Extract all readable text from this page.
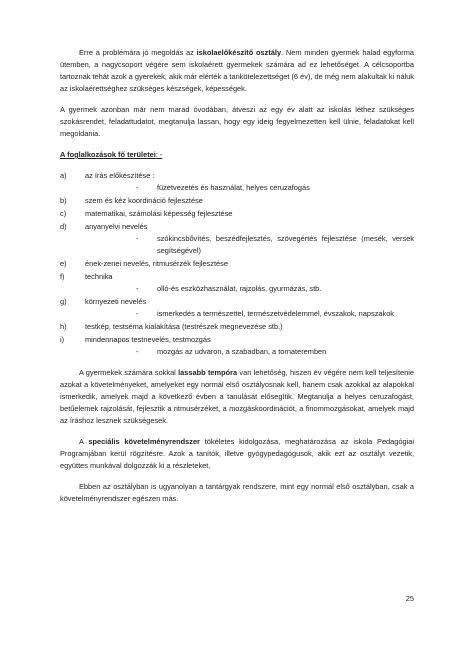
Erre a problémára jó megoldás az iskolaelőkészítő osztály. Nem minden gyermek halad egyforma ütemben, a nagycsoport végére sem iskolaérett gyermekek számára ad ez lehetőséget. A célcsoportba tartoznak tehát azok a gyerekek, akik már elérték a tankötelezettséget (6 év), de még nem alakultak ki náluk az iskolaérettséghez szükséges készségek, képességek.

A gyermek azonban már nem marad óvodában, átveszi az egy év alatt az iskolás léthez szükséges szokásrendet, feladattudatot, megtanulja lassan, hogy egy ideig fegyelmezetten kell ülnie, feladatokat kell megoldania.

A foglalkozások fő területei: -

a) az írás előkészítése :
-	füzetvezetés és használat, helyes ceruzafogás
b) szem és kéz koordináció fejlesztése
c)	matematikai, számolási képesség fejlesztése
d) anyanyelvi nevelés
-	szókincsbővítés, beszédfejlesztés, szövegértés fejlesztése (mesék, versek segítségével)
e) ének-zenei nevelés, ritmusérzék fejlesztése
f)	technika
-	olló-és eszközhasználat, rajzolás, gyurmázás, stb.
g) környezeti nevelés
-	ismerkedés a természettel, természetvédelemmel, évszakok, napszakok
h) testkép, testséma kialakítása (testrészek megnevezése stb.)
i)	mindennapos testnevelés, testmozgás
-	mozgás az udvaron, a szabadban, a tornateremben

A gyermekek számára sokkal lassabb tempóra van lehetőség, hiszen év végére nem kell teljesítenie azokat a követelményeket, amelyeket egy normál első osztályosnak kell, hanem csak azokkal az alapokkal ismerkedik, amelyek majd a következő évben a tanulását elősegítik. Megtanulja a helyes ceruzafogást, betűelemek rajzolását, fejlesztik a ritmusérzéket, a mozgáskoordinációt, a finommozgásokat, amelyek majd az íráshoz lesznek szükségesek.

A speciális követelményrendszer tökéletes kidolgozása, meghatározása az iskola Pedagógiai Programjában kerül rögzítésre. Azok a tanítók, illetve gyógypedagógusok, akik ezt az osztályt vezetik, együttes munkával dolgozzák ki a részleteket.

Ebben az osztályban is ugyanolyan a tantárgyak rendszere, mint egy normál első osztályban, csak a követelményrendszer egészen más.

25
